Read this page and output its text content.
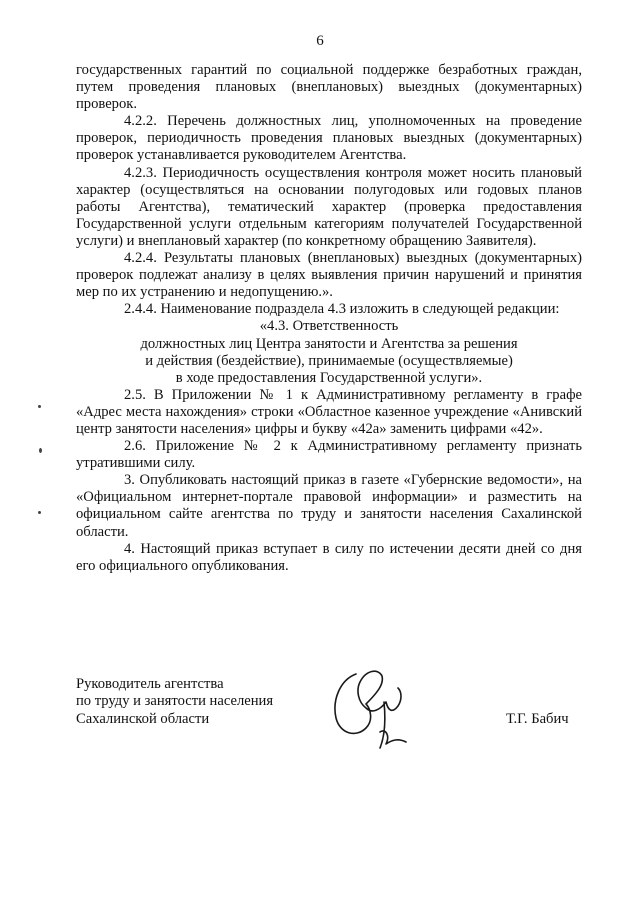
6

государственных гарантий по социальной поддержке безработных граждан, путем проведения плановых (внеплановых) выездных (документарных) проверок.

4.2.2. Перечень должностных лиц, уполномоченных на проведение проверок, периодичность проведения плановых выездных (документарных) проверок устанавливается руководителем Агентства.

4.2.3. Периодичность осуществления контроля может носить плановый характер (осуществляться на основании полугодовых или годовых планов работы Агентства), тематический характер (проверка предоставления Государственной услуги отдельным категориям получателей Государственной услуги) и внеплановый характер (по конкретному обращению Заявителя).

4.2.4. Результаты плановых (внеплановых) выездных (документарных) проверок подлежат анализу в целях выявления причин нарушений и принятия мер по их устранению и недопущению.».

2.4.4. Наименование подраздела 4.3 изложить в следующей редакции:

«4.3. Ответственность

должностных лиц Центра занятости и Агентства за решения

и действия (бездействие), принимаемые (осуществляемые)

в ходе предоставления Государственной услуги».

2.5. В Приложении № 1 к Административному регламенту в графе «Адрес места нахождения» строки «Областное казенное учреждение «Анивский центр занятости населения» цифры и букву «42а» заменить цифрами «42».

2.6. Приложение № 2 к Административному регламенту признать утратившими силу.

3. Опубликовать настоящий приказ в газете «Губернские ведомости», на «Официальном интернет-портале правовой информации» и разместить на официальном сайте агентства по труду и занятости населения Сахалинской области.

4. Настоящий приказ вступает в силу по истечении десяти дней со дня его официального опубликования.

Руководитель агентства
по труду и занятости населения
Сахалинской области	Т.Г. Бабич
